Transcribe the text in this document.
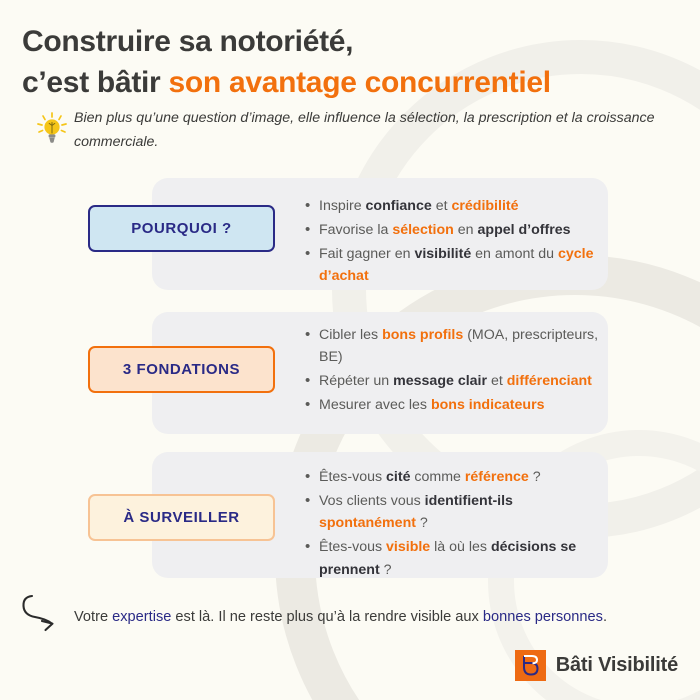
Construire sa notoriété,
c’est bâtir son avantage concurrentiel
Bien plus qu’une question d’image, elle influence la sélection, la prescription et la croissance commerciale.
POURQUOI ?
• Inspire confiance et crédibilité
• Favorise la sélection en appel d’offres
• Fait gagner en visibilité en amont du cycle d’achat
3 FONDATIONS
• Cibler les bons profils (MOA, prescripteurs, BE)
• Répéter un message clair et différenciant
• Mesurer avec les bons indicateurs
À SURVEILLER
• Êtes-vous cité comme référence ?
• Vos clients vous identifient-ils spontanément ?
• Êtes-vous visible là où les décisions se prennent ?
Votre expertise est là. Il ne reste plus qu’à la rendre visible aux bonnes personnes.
Bâti Visibilité
